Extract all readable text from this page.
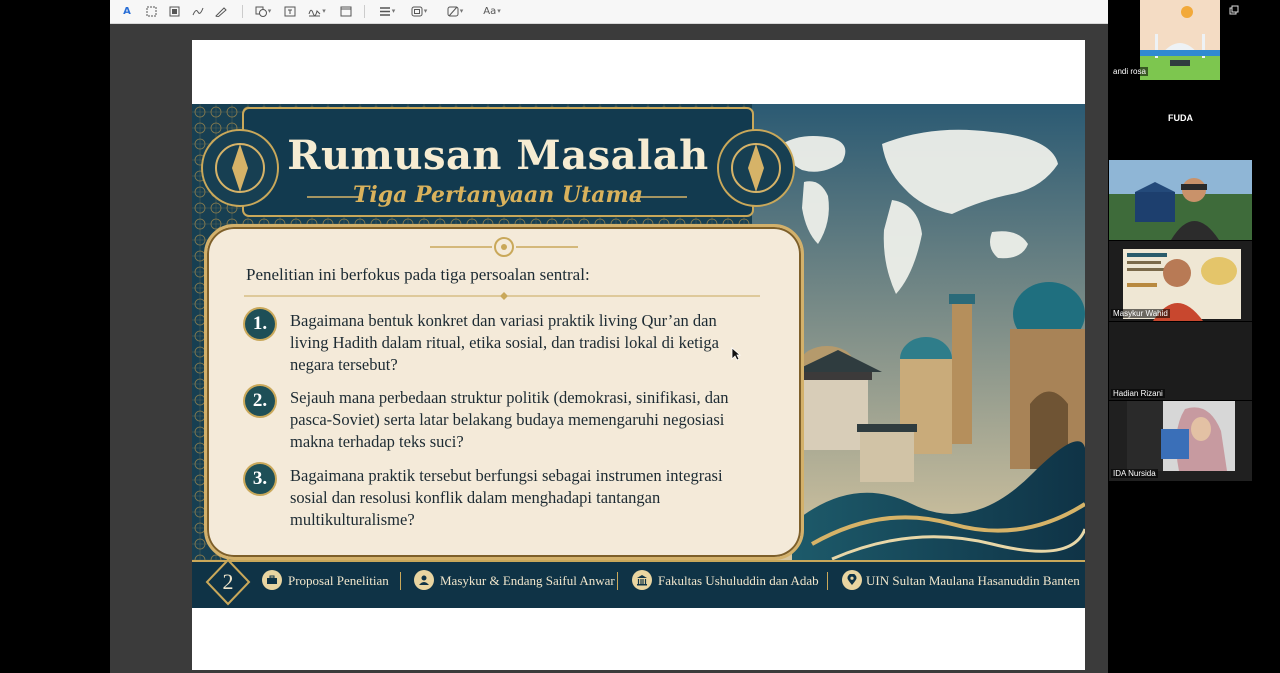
A	▾	▾	▾	▾	▾ Aa ▾
Rumusan Masalah
Tiga Pertanyaan Utama
Penelitian ini berfokus pada tiga persoalan sentral:
1.	Bagaimana bentuk konkret dan variasi praktik living Qur’an dan living Hadith dalam ritual, etika sosial, dan tradisi lokal di ketiga negara tersebut?
2.	Sejauh mana perbedaan struktur politik (demokrasi, sinifikasi, dan pasca-Soviet) serta latar belakang budaya memengaruhi negosiasi makna terhadap teks suci?
3.	Bagaimana praktik tersebut berfungsi sebagai instrumen integrasi sosial dan resolusi konflik dalam menghadapi tantangan multikulturalisme?
2	Proposal Penelitian	Masykur & Endang Saiful Anwar	Fakultas Ushuluddin dan Adab	UIN Sultan Maulana Hasanuddin Banten
andi rosa
FUDA
Masykur Wahid
Hadian Rizani
IDA Nursida
